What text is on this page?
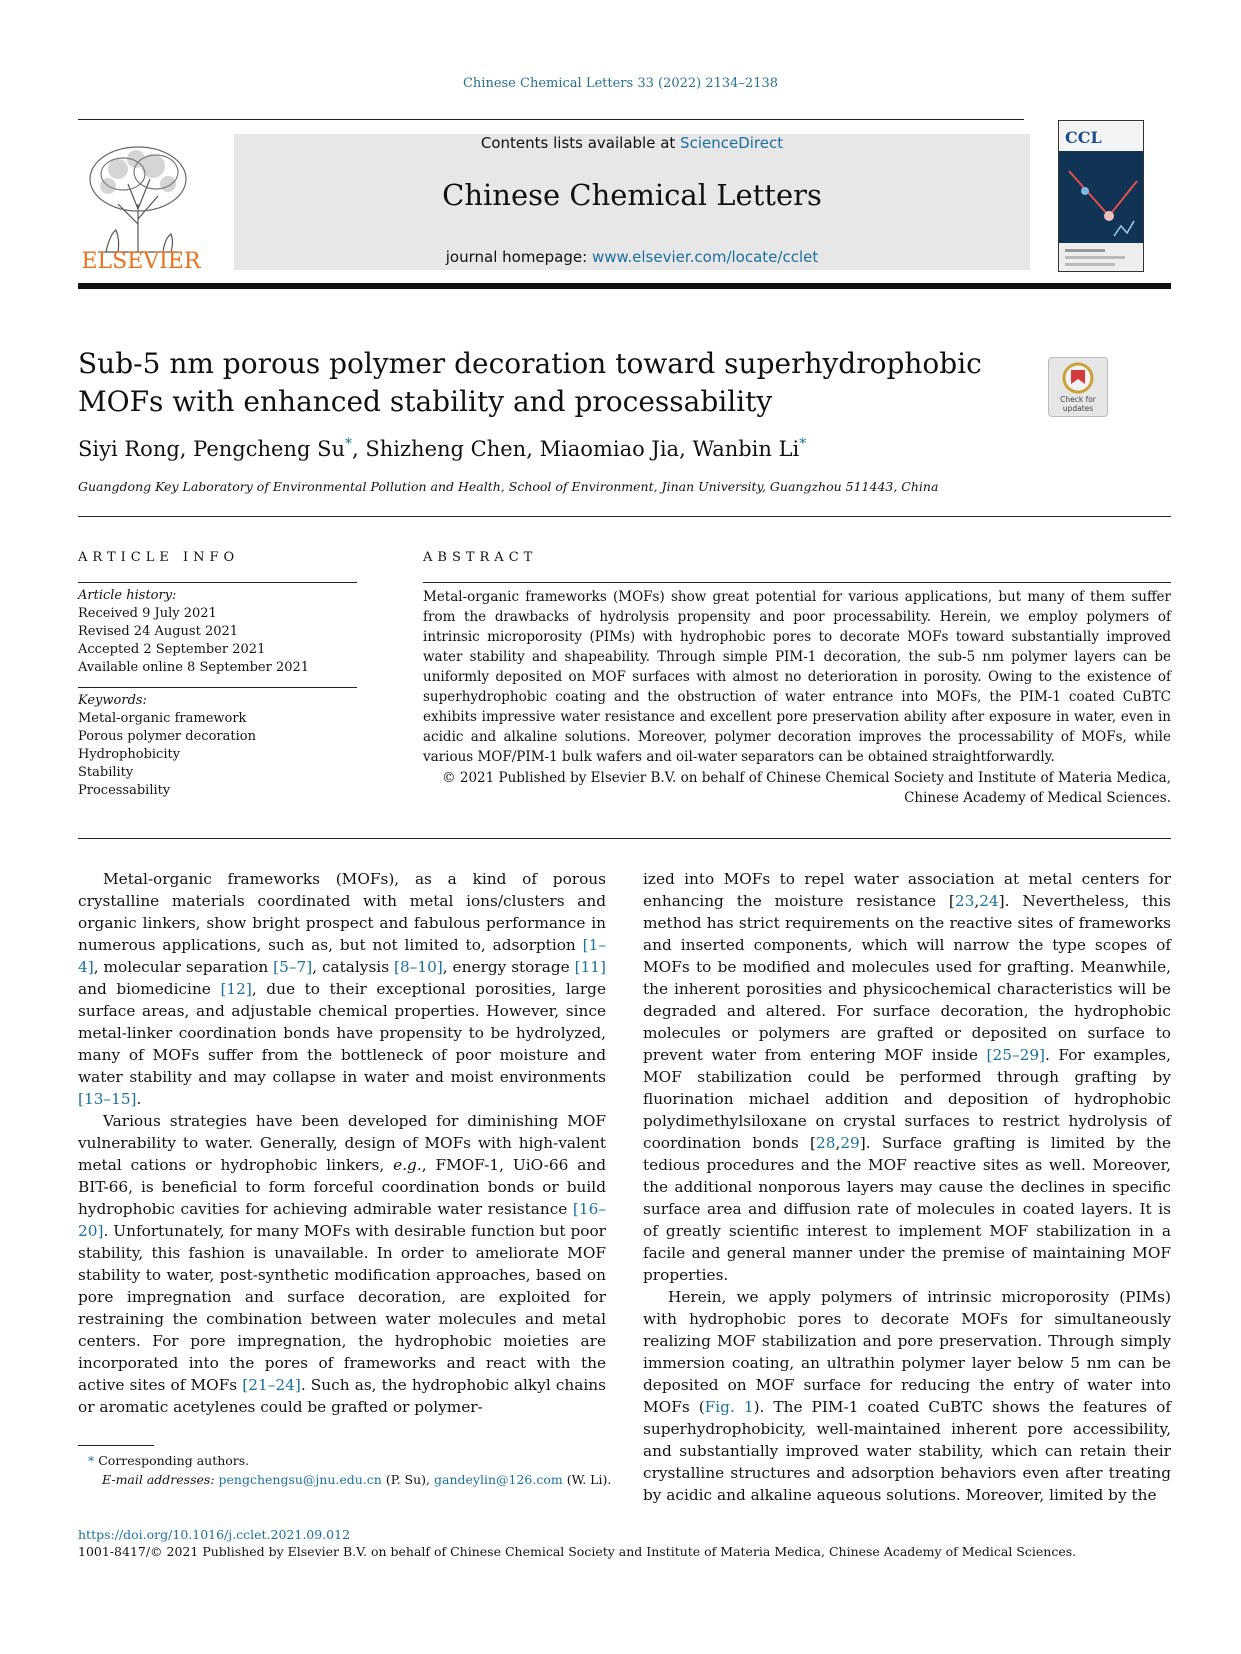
Chinese Chemical Letters 33 (2022) 2134–2138
ELSEVIER
Contents lists available at ScienceDirect
Chinese Chemical Letters
journal homepage: www.elsevier.com/locate/cclet
CCL
Sub-5 nm porous polymer decoration toward superhydrophobic MOFs with enhanced stability and processability	Check for
updates
Siyi Rong, Pengcheng Su*, Shizheng Chen, Miaomiao Jia, Wanbin Li*
Guangdong Key Laboratory of Environmental Pollution and Health, School of Environment, Jinan University, Guangzhou 511443, China
ARTICLE INFO	ABSTRACT
Article history:
Received 9 July 2021
Revised 24 August 2021
Accepted 2 September 2021
Available online 8 September 2021
Keywords:
Metal-organic framework
Porous polymer decoration
Hydrophobicity
Stability
Processability
Metal-organic frameworks (MOFs) show great potential for various applications, but many of them suffer from the drawbacks of hydrolysis propensity and poor processability. Herein, we employ polymers of intrinsic microporosity (PIMs) with hydrophobic pores to decorate MOFs toward substantially improved water stability and shapeability. Through simple PIM-1 decoration, the sub-5 nm polymer layers can be uniformly deposited on MOF surfaces with almost no deterioration in porosity. Owing to the existence of superhydrophobic coating and the obstruction of water entrance into MOFs, the PIM-1 coated CuBTC exhibits impressive water resistance and excellent pore preservation ability after exposure in water, even in acidic and alkaline solutions. Moreover, polymer decoration improves the processability of MOFs, while various MOF/PIM-1 bulk wafers and oil-water separators can be obtained straightforwardly.
© 2021 Published by Elsevier B.V. on behalf of Chinese Chemical Society and Institute of Materia Medica, Chinese Academy of Medical Sciences.

Metal-organic frameworks (MOFs), as a kind of porous crystalline materials coordinated with metal ions/clusters and organic linkers, show bright prospect and fabulous performance in numerous applications, such as, but not limited to, adsorption [1–4], molecular separation [5–7], catalysis [8–10], energy storage [11] and biomedicine [12], due to their exceptional porosities, large surface areas, and adjustable chemical properties. However, since metal-linker coordination bonds have propensity to be hydrolyzed, many of MOFs suffer from the bottleneck of poor moisture and water stability and may collapse in water and moist environments [13–15].

Various strategies have been developed for diminishing MOF vulnerability to water. Generally, design of MOFs with high-valent metal cations or hydrophobic linkers, e.g., FMOF-1, UiO-66 and BIT-66, is beneficial to form forceful coordination bonds or build hydrophobic cavities for achieving admirable water resistance [16–20]. Unfortunately, for many MOFs with desirable function but poor stability, this fashion is unavailable. In order to ameliorate MOF stability to water, post-synthetic modification approaches, based on pore impregnation and surface decoration, are exploited for restraining the combination between water molecules and metal centers. For pore impregnation, the hydrophobic moieties are incorporated into the pores of frameworks and react with the active sites of MOFs [21–24]. Such as, the hydrophobic alkyl chains or aromatic acetylenes could be grafted or polymer-

ized into MOFs to repel water association at metal centers for enhancing the moisture resistance [23,24]. Nevertheless, this method has strict requirements on the reactive sites of frameworks and inserted components, which will narrow the type scopes of MOFs to be modified and molecules used for grafting. Meanwhile, the inherent porosities and physicochemical characteristics will be degraded and altered. For surface decoration, the hydrophobic molecules or polymers are grafted or deposited on surface to prevent water from entering MOF inside [25–29]. For examples, MOF stabilization could be performed through grafting by fluorination michael addition and deposition of hydrophobic polydimethylsiloxane on crystal surfaces to restrict hydrolysis of coordination bonds [28,29]. Surface grafting is limited by the tedious procedures and the MOF reactive sites as well. Moreover, the additional nonporous layers may cause the declines in specific surface area and diffusion rate of molecules in coated layers. It is of greatly scientific interest to implement MOF stabilization in a facile and general manner under the premise of maintaining MOF properties.

Herein, we apply polymers of intrinsic microporosity (PIMs) with hydrophobic pores to decorate MOFs for simultaneously realizing MOF stabilization and pore preservation. Through simply immersion coating, an ultrathin polymer layer below 5 nm can be deposited on MOF surface for reducing the entry of water into MOFs (Fig. 1). The PIM-1 coated CuBTC shows the features of superhydrophobicity, well-maintained inherent pore accessibility, and substantially improved water stability, which can retain their crystalline structures and adsorption behaviors even after treating by acidic and alkaline aqueous solutions. Moreover, limited by the

* Corresponding authors.
E-mail addresses: pengchengsu@jnu.edu.cn (P. Su), gandeylin@126.com (W. Li).
https://doi.org/10.1016/j.cclet.2021.09.012
1001-8417/© 2021 Published by Elsevier B.V. on behalf of Chinese Chemical Society and Institute of Materia Medica, Chinese Academy of Medical Sciences.
